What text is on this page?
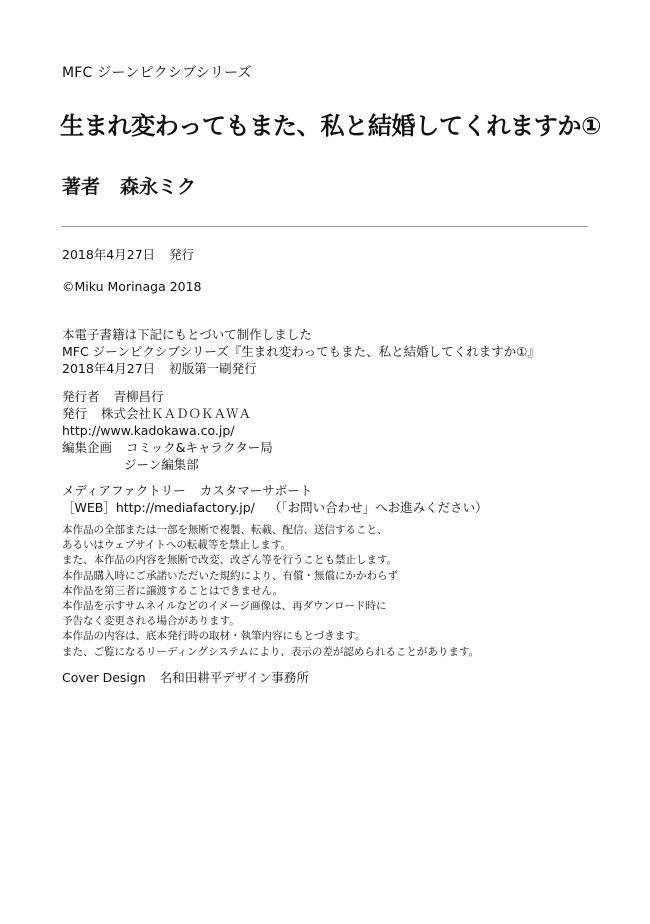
MFC ジーンピクシブシリーズ
生まれ変わってもまた、私と結婚してくれますか①
著者 森永ミク
2018年4月27日 発行
©Miku Morinaga 2018
本電子書籍は下記にもとづいて制作しました
MFC ジーンピクシブシリーズ『生まれ変わってもまた、私と結婚してくれますか①』
2018年4月27日 初版第一刷発行
発行者 青柳昌行
発行 株式会社ＫＡＤＯＫＡＷＡ
http://www.kadokawa.co.jp/
編集企画 コミック&キャラクター局
ジーン編集部
メディアファクトリー カスタマーサポート
［WEB］http://mediafactory.jp/ （「お問い合わせ」へお進みください）
本作品の全部または一部を無断で複製、転載、配信、送信すること、
あるいはウェブサイトへの転載等を禁止します。
また、本作品の内容を無断で改変、改ざん等を行うことも禁止します。
本作品購入時にご承諾いただいた規約により、有償・無償にかかわらず
本作品を第三者に譲渡することはできません。
本作品を示すサムネイルなどのイメージ画像は、再ダウンロード時に
予告なく変更される場合があります。
本作品の内容は、底本発行時の取材・執筆内容にもとづきます。
また、ご覧になるリーディングシステムにより、表示の差が認められることがあります。
Cover Design 名和田耕平デザイン事務所
